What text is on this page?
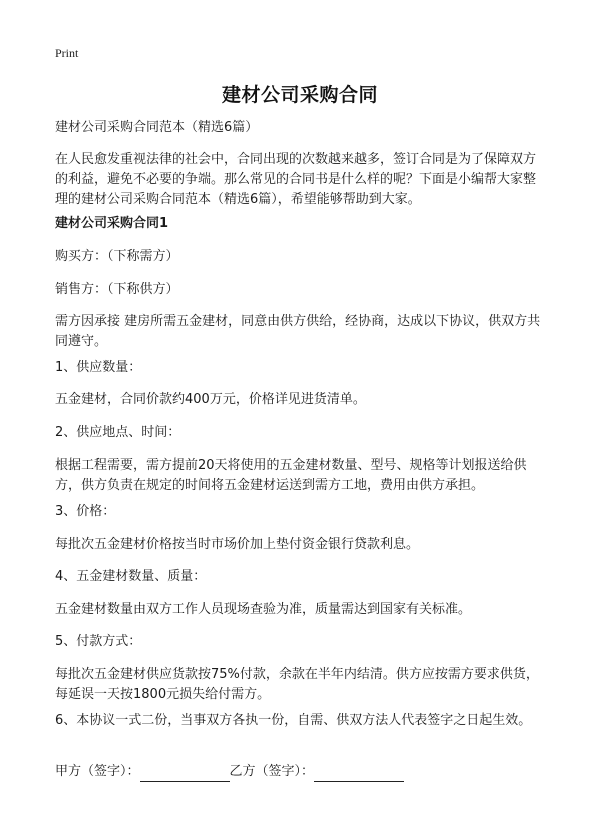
Print
建材公司采购合同

建材公司采购合同范本（精选6篇）

在人民愈发重视法律的社会中，合同出现的次数越来越多，签订合同是为了保障双方的利益，避免不必要的争端。那么常见的合同书是什么样的呢？下面是小编帮大家整理的建材公司采购合同范本（精选6篇），希望能够帮助到大家。

建材公司采购合同1

购买方：（下称需方）

销售方：（下称供方）

需方因承接 建房所需五金建材，同意由供方供给，经协商，达成以下协议，供双方共同遵守。

1、供应数量：

五金建材，合同价款约400万元，价格详见进货清单。

2、供应地点、时间：

根据工程需要，需方提前20天将使用的五金建材数量、型号、规格等计划报送给供方，供方负责在规定的时间将五金建材运送到需方工地，费用由供方承担。

3、价格：

每批次五金建材价格按当时市场价加上垫付资金银行贷款利息。

4、五金建材数量、质量：

五金建材数量由双方工作人员现场查验为准，质量需达到国家有关标准。

5、付款方式：

每批次五金建材供应货款按75%付款，余款在半年内结清。供方应按需方要求供货，每延误一天按1800元损失给付需方。

6、本协议一式二份，当事双方各执一份，自需、供双方法人代表签字之日起生效。

甲方（签字）：	乙方（签字）：
